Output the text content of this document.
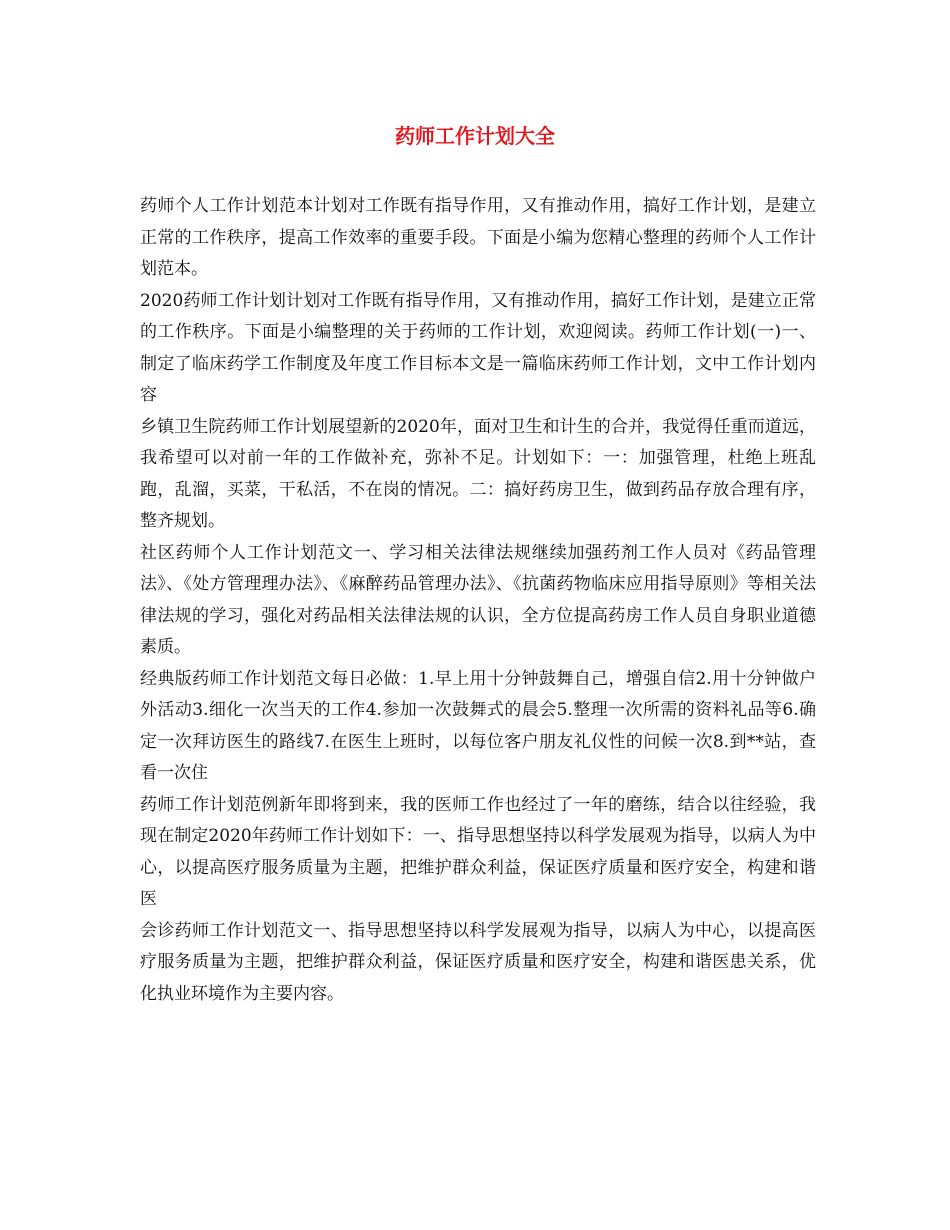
药师工作计划大全

药师个人工作计划范本计划对工作既有指导作用，又有推动作用，搞好工作计划，是建立正常的工作秩序，提高工作效率的重要手段。下面是小编为您精心整理的药师个人工作计划范本。

2020药师工作计划计划对工作既有指导作用，又有推动作用，搞好工作计划，是建立正常的工作秩序。下面是小编整理的关于药师的工作计划，欢迎阅读。药师工作计划(一)一、制定了临床药学工作制度及年度工作目标本文是一篇临床药师工作计划，文中工作计划内容

乡镇卫生院药师工作计划展望新的2020年，面对卫生和计生的合并，我觉得任重而道远，我希望可以对前一年的工作做补充，弥补不足。计划如下：一：加强管理，杜绝上班乱跑，乱溜，买菜，干私活，不在岗的情况。二：搞好药房卫生，做到药品存放合理有序，整齐规划。

社区药师个人工作计划范文一、学习相关法律法规继续加强药剂工作人员对《药品管理法》、《处方管理理办法》、《麻醉药品管理办法》、《抗菌药物临床应用指导原则》等相关法律法规的学习，强化对药品相关法律法规的认识，全方位提高药房工作人员自身职业道德素质。

经典版药师工作计划范文每日必做：1.早上用十分钟鼓舞自己，增强自信2.用十分钟做户外活动3.细化一次当天的工作4.参加一次鼓舞式的晨会5.整理一次所需的资料礼品等6.确定一次拜访医生的路线7.在医生上班时，以每位客户朋友礼仪性的问候一次8.到**站，查看一次住

药师工作计划范例新年即将到来，我的医师工作也经过了一年的磨练，结合以往经验，我现在制定2020年药师工作计划如下：一、指导思想坚持以科学发展观为指导，以病人为中心，以提高医疗服务质量为主题，把维护群众利益，保证医疗质量和医疗安全，构建和谐医

会诊药师工作计划范文一、指导思想坚持以科学发展观为指导，以病人为中心，以提高医疗服务质量为主题，把维护群众利益，保证医疗质量和医疗安全，构建和谐医患关系，优化执业环境作为主要内容。
